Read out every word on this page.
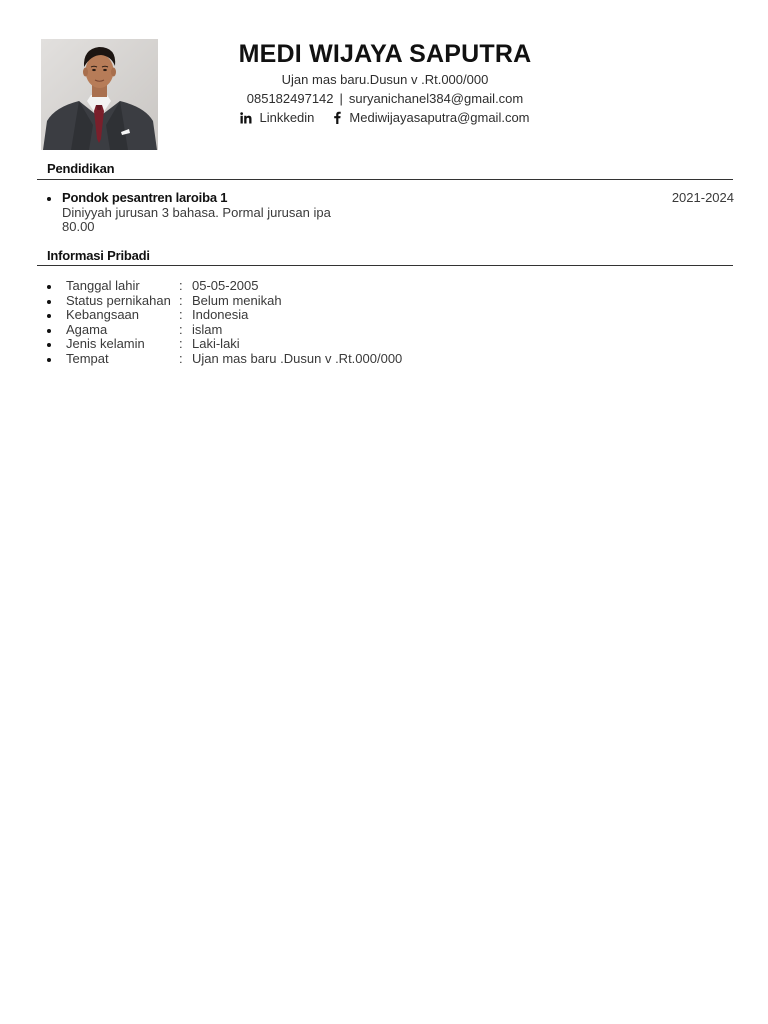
MEDI WIJAYA SAPUTRA
Ujan mas baru.Dusun v .Rt.000/000
085182497142 | suryanichanel384@gmail.com
Linkkedin	Mediwijayasaputra@gmail.com
Pendidikan
Pondok pesantren laroiba 1
Diniyyah jurusan 3 bahasa. Pormal jurusan ipa
80.00
2021-2024
Informasi Pribadi
Tanggal lahir	: 05-05-2005
Status pernikahan : Belum menikah
Kebangsaan	: Indonesia
Agama	: islam
Jenis kelamin	: Laki-laki
Tempat	: Ujan mas baru .Dusun v .Rt.000/000
